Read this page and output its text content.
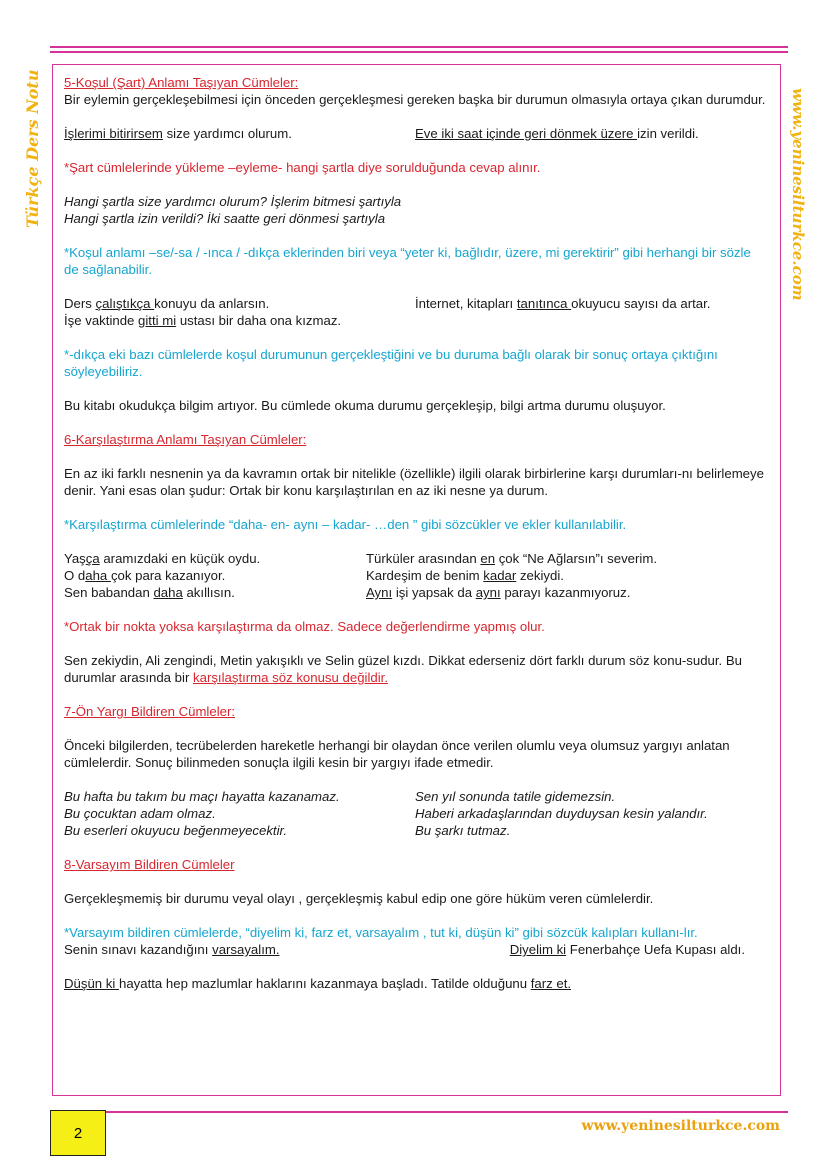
Türkçe Ders Notu	www.yeninesilturkce.com

5-Koşul (Şart) Anlamı Taşıyan Cümleler:

Bir eylemin gerçekleşebilmesi için önceden gerçekleşmesi gereken başka bir durumun olmasıyla ortaya çıkan durumdur.

İşlerimi bitirirsem size yardımcı olurum.	Eve iki saat içinde geri dönmek üzere izin verildi.

*Şart cümlelerinde yükleme –eyleme- hangi şartla diye sorulduğunda cevap alınır.

Hangi şartla size yardımcı olurum? İşlerim bitmesi şartıyla

Hangi şartla izin verildi? İki saatte geri dönmesi şartıyla

*Koşul anlamı –se/-sa / -ınca / -dıkça eklerinden biri veya “yeter ki, bağlıdır, üzere, mi gerektirir” gibi herhangi bir sözle de sağlanabilir.

Ders çalıştıkça konuyu da anlarsın.	İnternet, kitapları tanıtınca okuyucu sayısı da artar.

İşe vaktinde gitti mi ustası bir daha ona kızmaz.

*-dıkça eki bazı cümlelerde koşul durumunun gerçekleştiğini ve bu duruma bağlı olarak bir sonuç ortaya çıktığını söyleyebiliriz.

Bu kitabı okudukça bilgim artıyor. Bu cümlede okuma durumu gerçekleşip, bilgi artma durumu oluşuyor.

6-Karşılaştırma Anlamı Taşıyan Cümleler:

En az iki farklı nesnenin ya da kavramın ortak bir nitelikle (özellikle) ilgili olarak birbirlerine karşı durumları-nı belirlemeye denir. Yani esas olan şudur: Ortak bir konu karşılaştırılan en az iki nesne ya durum.

*Karşılaştırma cümlelerinde “daha- en- aynı – kadar- …den ” gibi sözcükler ve ekler kullanılabilir.

Yaşça aramızdaki en küçük oydu.	Türküler arasından en çok “Ne Ağlarsın”ı severim.
O daha çok para kazanıyor.	Kardeşim de benim kadar zekiydi.
Sen babandan daha akıllısın.	Aynı işi yapsak da aynı parayı kazanmıyoruz.

*Ortak bir nokta yoksa karşılaştırma da olmaz. Sadece değerlendirme yapmış olur.

Sen zekiydin, Ali zengindi, Metin yakışıklı ve Selin güzel kızdı. Dikkat ederseniz dört farklı durum söz konu-sudur. Bu durumlar arasında bir karşılaştırma söz konusu değildir.

7-Ön Yargı Bildiren Cümleler:

Önceki bilgilerden, tecrübelerden hareketle herhangi bir olaydan önce verilen olumlu veya olumsuz yargıyı anlatan cümlelerdir. Sonuç bilinmeden sonuçla ilgili kesin bir yargıyı ifade etmedir.

Bu hafta bu takım bu maçı hayatta kazanamaz.	Sen yıl sonunda tatile gidemezsin.
Bu çocuktan adam olmaz.	Haberi arkadaşlarından duyduysan kesin yalandır.
Bu eserleri okuyucu beğenmeyecektir.	Bu şarkı tutmaz.

8-Varsayım Bildiren Cümleler

Gerçekleşmemiş bir durumu veyal olayı , gerçekleşmiş kabul edip one göre hüküm veren cümlelerdir.

*Varsayım bildiren cümlelerde, “diyelim ki, farz et, varsayalım , tut ki, düşün ki” gibi sözcük kalıpları kullanı-lır.

Senin sınavı kazandığını varsayalım.	Diyelim ki Fenerbahçe Uefa Kupası aldı.

Düşün ki hayatta hep mazlumlar haklarını kazanmaya başladı. Tatilde olduğunu farz et.

2	www.yeninesilturkce.com
